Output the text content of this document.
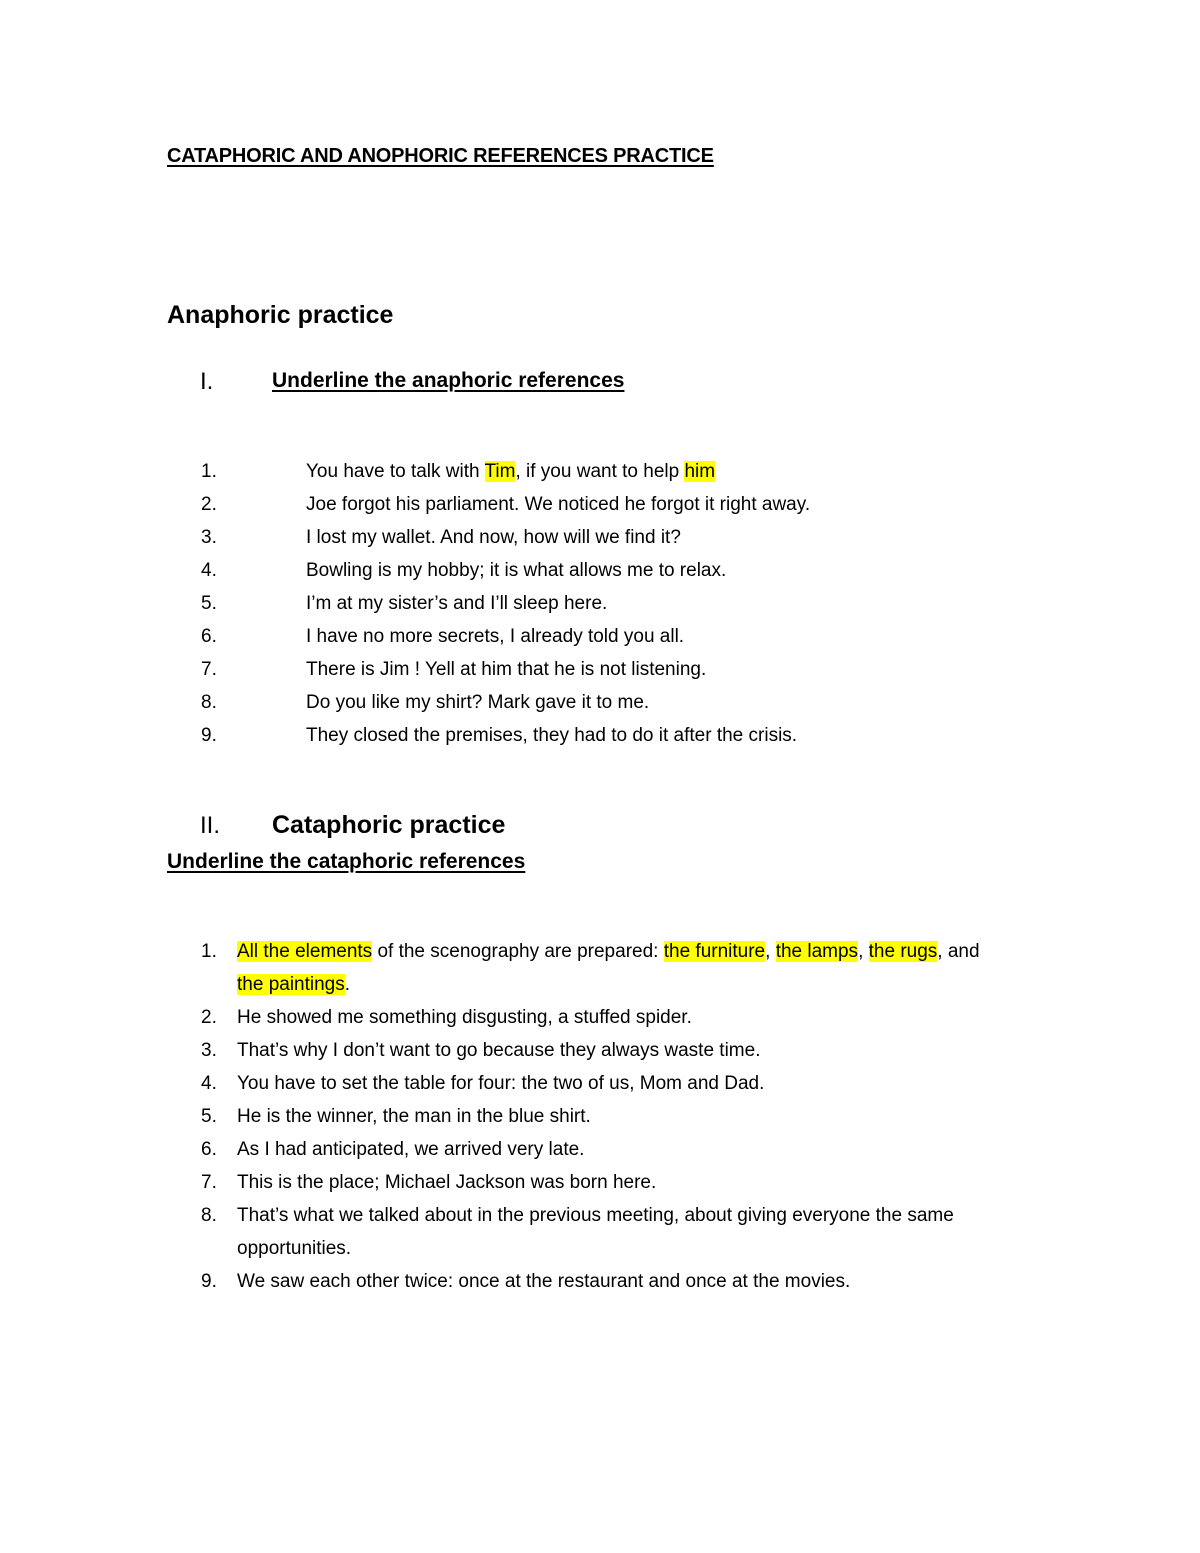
CATAPHORIC AND ANOPHORIC REFERENCES PRACTICE
Anaphoric practice
I.	Underline the anaphoric references
1.	You have to talk with Tim, if you want to help him
2.	Joe forgot his parliament. We noticed he forgot it right away.
3.	I lost my wallet. And now, how will we find it?
4.	Bowling is my hobby; it is what allows me to relax.
5.	I’m at my sister’s and I’ll sleep here.
6.	I have no more secrets, I already told you all.
7.	There is Jim ! Yell at him that he is not listening.
8.	Do you like my shirt? Mark gave it to me.
9.	They closed the premises, they had to do it after the crisis.
II. Cataphoric practice
Underline the cataphoric references
1. All the elements of the scenography are prepared: the furniture, the lamps, the rugs, and the paintings.
2. He showed me something disgusting, a stuffed spider.
3. That’s why I don’t want to go because they always waste time.
4. You have to set the table for four: the two of us, Mom and Dad.
5. He is the winner, the man in the blue shirt.
6. As I had anticipated, we arrived very late.
7. This is the place; Michael Jackson was born here.
8. That’s what we talked about in the previous meeting, about giving everyone the same opportunities.
9. We saw each other twice: once at the restaurant and once at the movies.
